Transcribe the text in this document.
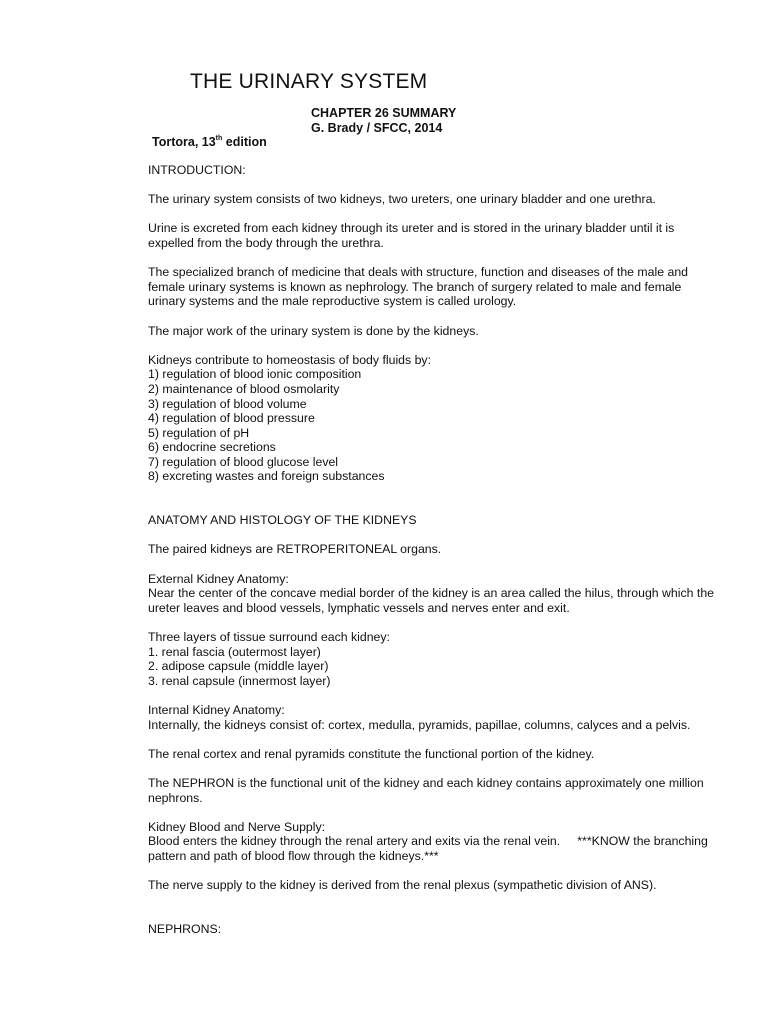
THE URINARY SYSTEM
CHAPTER 26 SUMMARY
G. Brady / SFCC, 2014
Tortora, 13th edition

INTRODUCTION:

The urinary system consists of two kidneys, two ureters, one urinary bladder and one urethra.

Urine is excreted from each kidney through its ureter and is stored in the urinary bladder until it is expelled from the body through the urethra.

The specialized branch of medicine that deals with structure, function and diseases of the male and female urinary systems is known as nephrology. The branch of surgery related to male and female urinary systems and the male reproductive system is called urology.

The major work of the urinary system is done by the kidneys.

Kidneys contribute to homeostasis of body fluids by:
1) regulation of blood ionic composition
2) maintenance of blood osmolarity
3) regulation of blood volume
4) regulation of blood pressure
5) regulation of pH
6) endocrine secretions
7) regulation of blood glucose level
8) excreting wastes and foreign substances

ANATOMY AND HISTOLOGY OF THE KIDNEYS

The paired kidneys are RETROPERITONEAL organs.

External Kidney Anatomy:
Near the center of the concave medial border of the kidney is an area called the hilus, through which the ureter leaves and blood vessels, lymphatic vessels and nerves enter and exit.
Three layers of tissue surround each kidney:
1. renal fascia (outermost layer)
2. adipose capsule (middle layer)
3. renal capsule (innermost layer)
Internal Kidney Anatomy:
Internally, the kidneys consist of: cortex, medulla, pyramids, papillae, columns, calyces and a pelvis.

The renal cortex and renal pyramids constitute the functional portion of the kidney.

The NEPHRON is the functional unit of the kidney and each kidney contains approximately one million nephrons.

Kidney Blood and Nerve Supply:
Blood enters the kidney through the renal artery and exits via the renal vein.     ***KNOW the branching pattern and path of blood flow through the kidneys.***

The nerve supply to the kidney is derived from the renal plexus (sympathetic division of ANS).

NEPHRONS:
